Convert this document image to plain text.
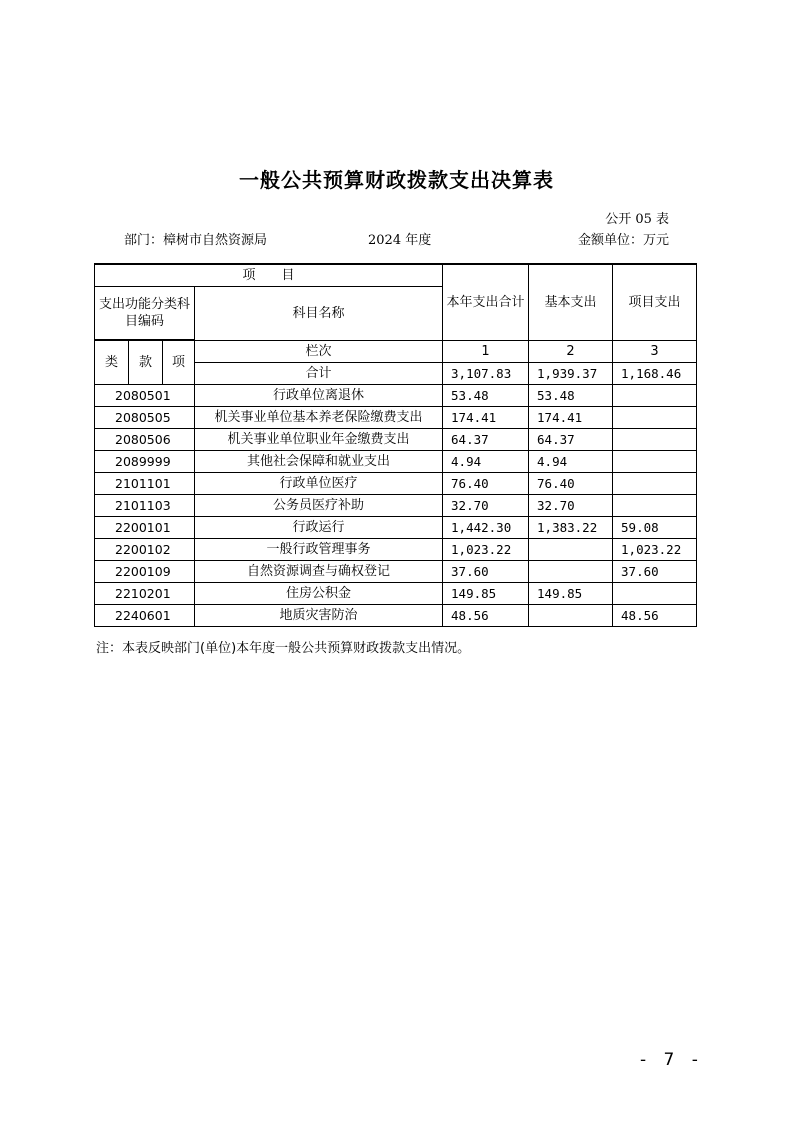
一般公共预算财政拨款支出决算表
公开 05 表
部门：樟树市自然资源局	2024 年度	金额单位：万元
项　　目				本年支出合计	基本支出	项目支出
支出功能分类科目编码			科目名称			

类	款	项	栏次	1	2	3
			合计	3,107.83	1,939.37	1,168.46
2080501			行政单位离退休	53.48	53.48	
2080505			机关事业单位基本养老保险缴费支出	174.41	174.41	
2080506			机关事业单位职业年金缴费支出	64.37	64.37	
2089999			其他社会保障和就业支出	4.94	4.94	
2101101			行政单位医疗	76.40	76.40	
2101103			公务员医疗补助	32.70	32.70	
2200101			行政运行	1,442.30	1,383.22	59.08
2200102			一般行政管理事务	1,023.22		1,023.22
2200109			自然资源调查与确权登记	37.60		37.60
2210201			住房公积金	149.85	149.85	
2240601			地质灾害防治	48.56		48.56
注：本表反映部门(单位)本年度一般公共预算财政拨款支出情况。
- 7 -
